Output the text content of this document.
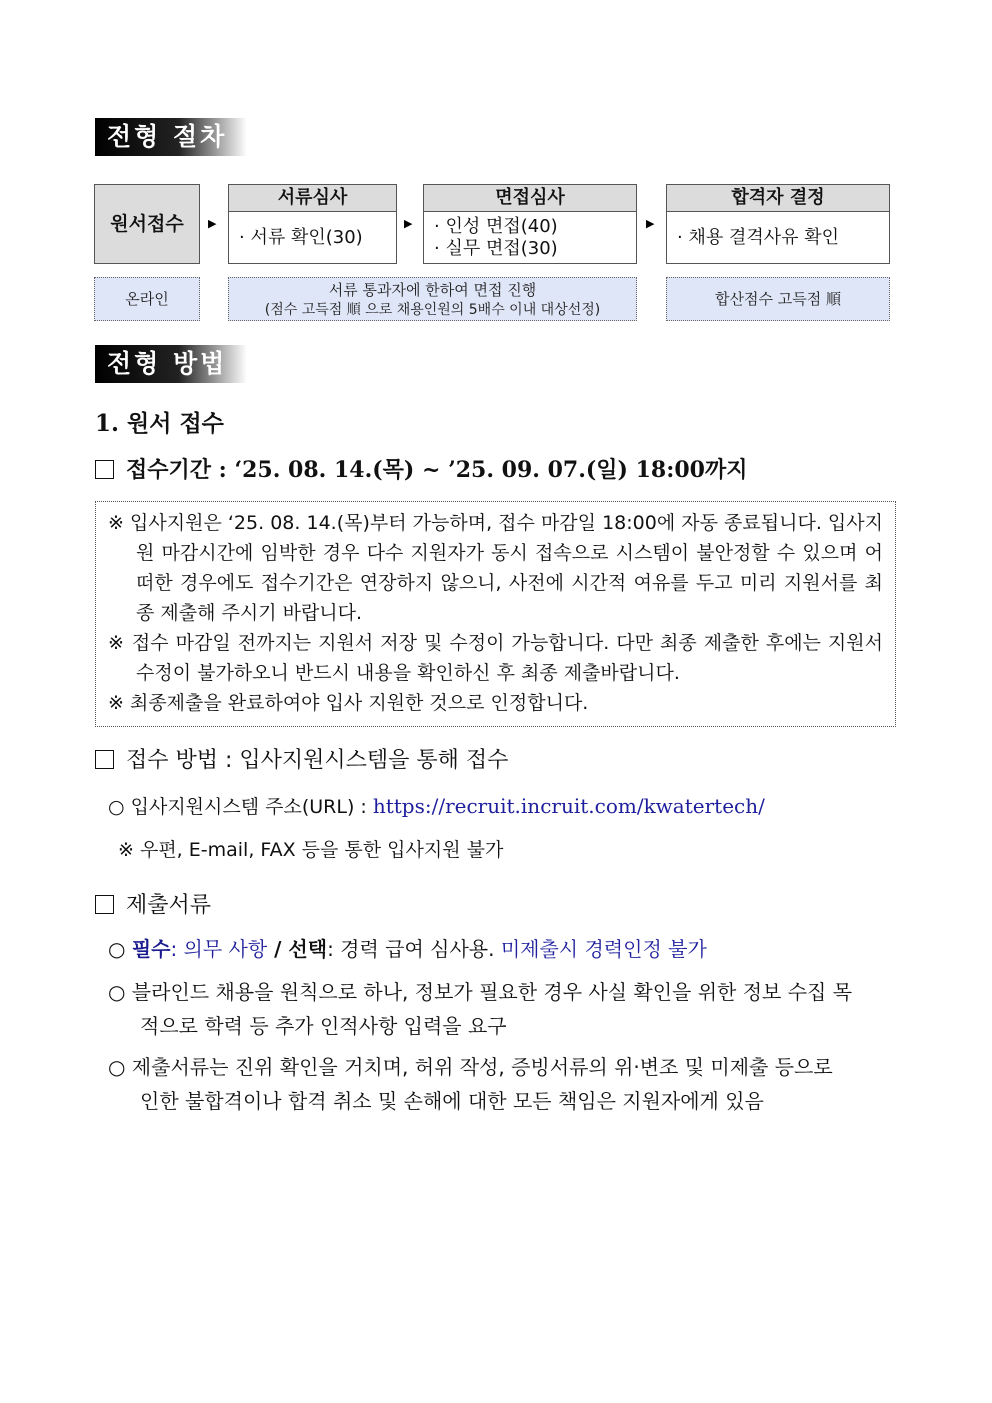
전형 절차
원서접수	▶
서류심사
· 서류 확인(30)
▶
면접심사
· 인성 면접(40)
· 실무 면접(30)
▶
합격자 결정
· 채용 결격사유 확인
온라인	서류 통과자에 한하여 면접 진행
(점수 고득점 順 으로 채용인원의 5배수 이내 대상선정)
합산점수 고득점 順
전형 방법
1. 원서 접수
접수기간 : ‘25. 08. 14.(목) ~ ’25. 09. 07.(일) 18:00까지

※ 입사지원은 ‘25. 08. 14.(목)부터 가능하며, 접수 마감일 18:00에 자동 종료됩니다. 입사지원 마감시간에 임박한 경우 다수 지원자가 동시 접속으로 시스템이 불안정할 수 있으며 어떠한 경우에도 접수기간은 연장하지 않으니, 사전에 시간적 여유를 두고 미리 지원서를 최종 제출해 주시기 바랍니다.

※ 접수 마감일 전까지는 지원서 저장 및 수정이 가능합니다. 다만 최종 제출한 후에는 지원서 수정이 불가하오니 반드시 내용을 확인하신 후 최종 제출바랍니다.

※ 최종제출을 완료하여야 입사 지원한 것으로 인정합니다.

접수 방법 : 입사지원시스템을 통해 접수
○ 입사지원시스템 주소(URL) : https://recruit.incruit.com/kwatertech/
※ 우편, E-mail, FAX 등을 통한 입사지원 불가
제출서류
○ 필수: 의무 사항 / 선택: 경력 급여 심사용. 미제출시 경력인정 불가
○ 블라인드 채용을 원칙으로 하나, 정보가 필요한 경우 사실 확인을 위한 정보 수집 목적으로 학력 등 추가 인적사항 입력을 요구
○ 제출서류는 진위 확인을 거치며, 허위 작성, 증빙서류의 위·변조 및 미제출 등으로 인한 불합격이나 합격 취소 및 손해에 대한 모든 책임은 지원자에게 있음
